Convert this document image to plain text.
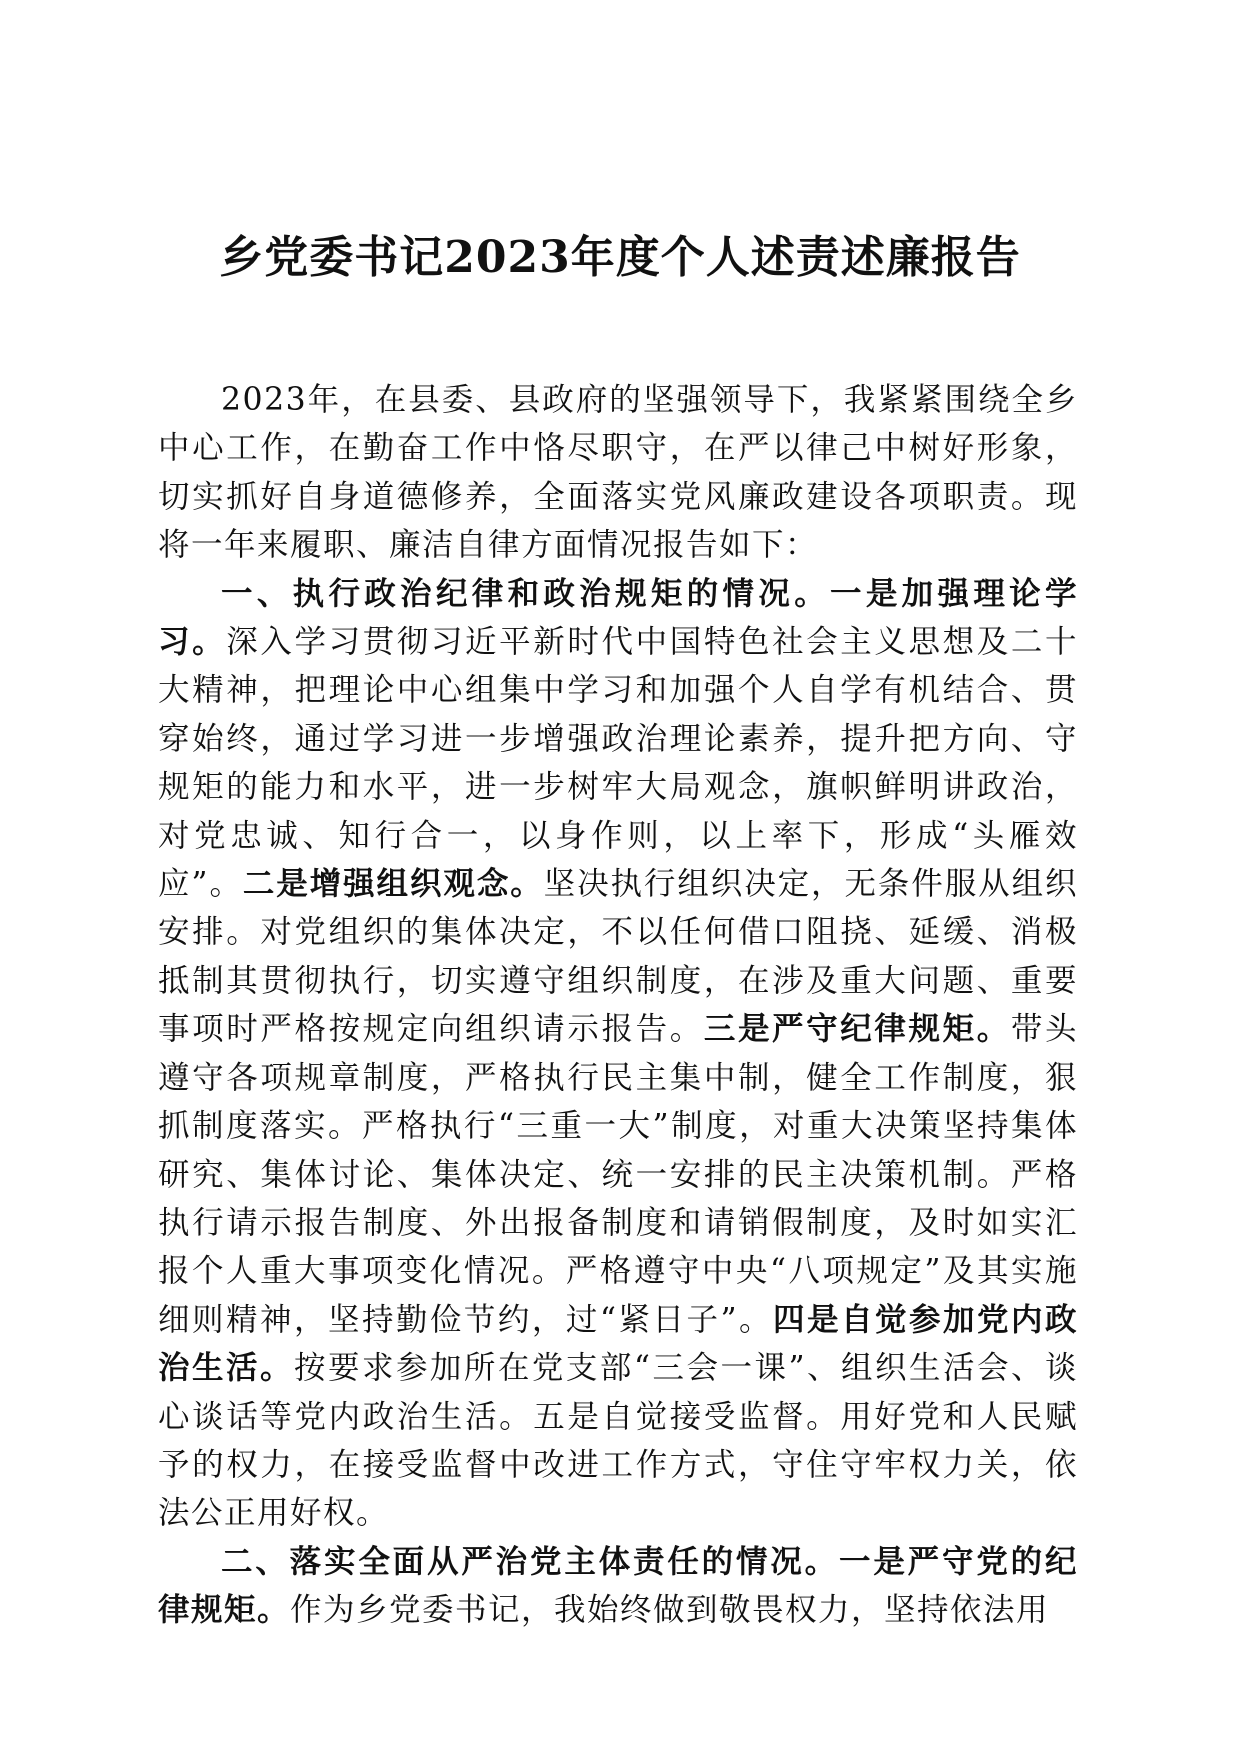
乡党委书记2023年度个人述责述廉报告

2023年，在县委、县政府的坚强领导下，我紧紧围绕全乡中心工作，在勤奋工作中恪尽职守，在严以律己中树好形象，切实抓好自身道德修养，全面落实党风廉政建设各项职责。现将一年来履职、廉洁自律方面情况报告如下：

一、执行政治纪律和政治规矩的情况。一是加强理论学习。深入学习贯彻习近平新时代中国特色社会主义思想及二十大精神，把理论中心组集中学习和加强个人自学有机结合、贯穿始终，通过学习进一步增强政治理论素养，提升把方向、守规矩的能力和水平，进一步树牢大局观念，旗帜鲜明讲政治，对党忠诚、知行合一，以身作则，以上率下，形成“头雁效应”。二是增强组织观念。坚决执行组织决定，无条件服从组织安排。对党组织的集体决定，不以任何借口阻挠、延缓、消极抵制其贯彻执行，切实遵守组织制度，在涉及重大问题、重要事项时严格按规定向组织请示报告。三是严守纪律规矩。带头遵守各项规章制度，严格执行民主集中制，健全工作制度，狠抓制度落实。严格执行“三重一大”制度，对重大决策坚持集体研究、集体讨论、集体决定、统一安排的民主决策机制。严格执行请示报告制度、外出报备制度和请销假制度，及时如实汇报个人重大事项变化情况。严格遵守中央“八项规定”及其实施细则精神，坚持勤俭节约，过“紧日子”。四是自觉参加党内政治生活。按要求参加所在党支部“三会一课”、组织生活会、谈心谈话等党内政治生活。五是自觉接受监督。用好党和人民赋予的权力，在接受监督中改进工作方式，守住守牢权力关，依法公正用好权。

二、落实全面从严治党主体责任的情况。一是严守党的纪律规矩。作为乡党委书记，我始终做到敬畏权力，坚持依法用
